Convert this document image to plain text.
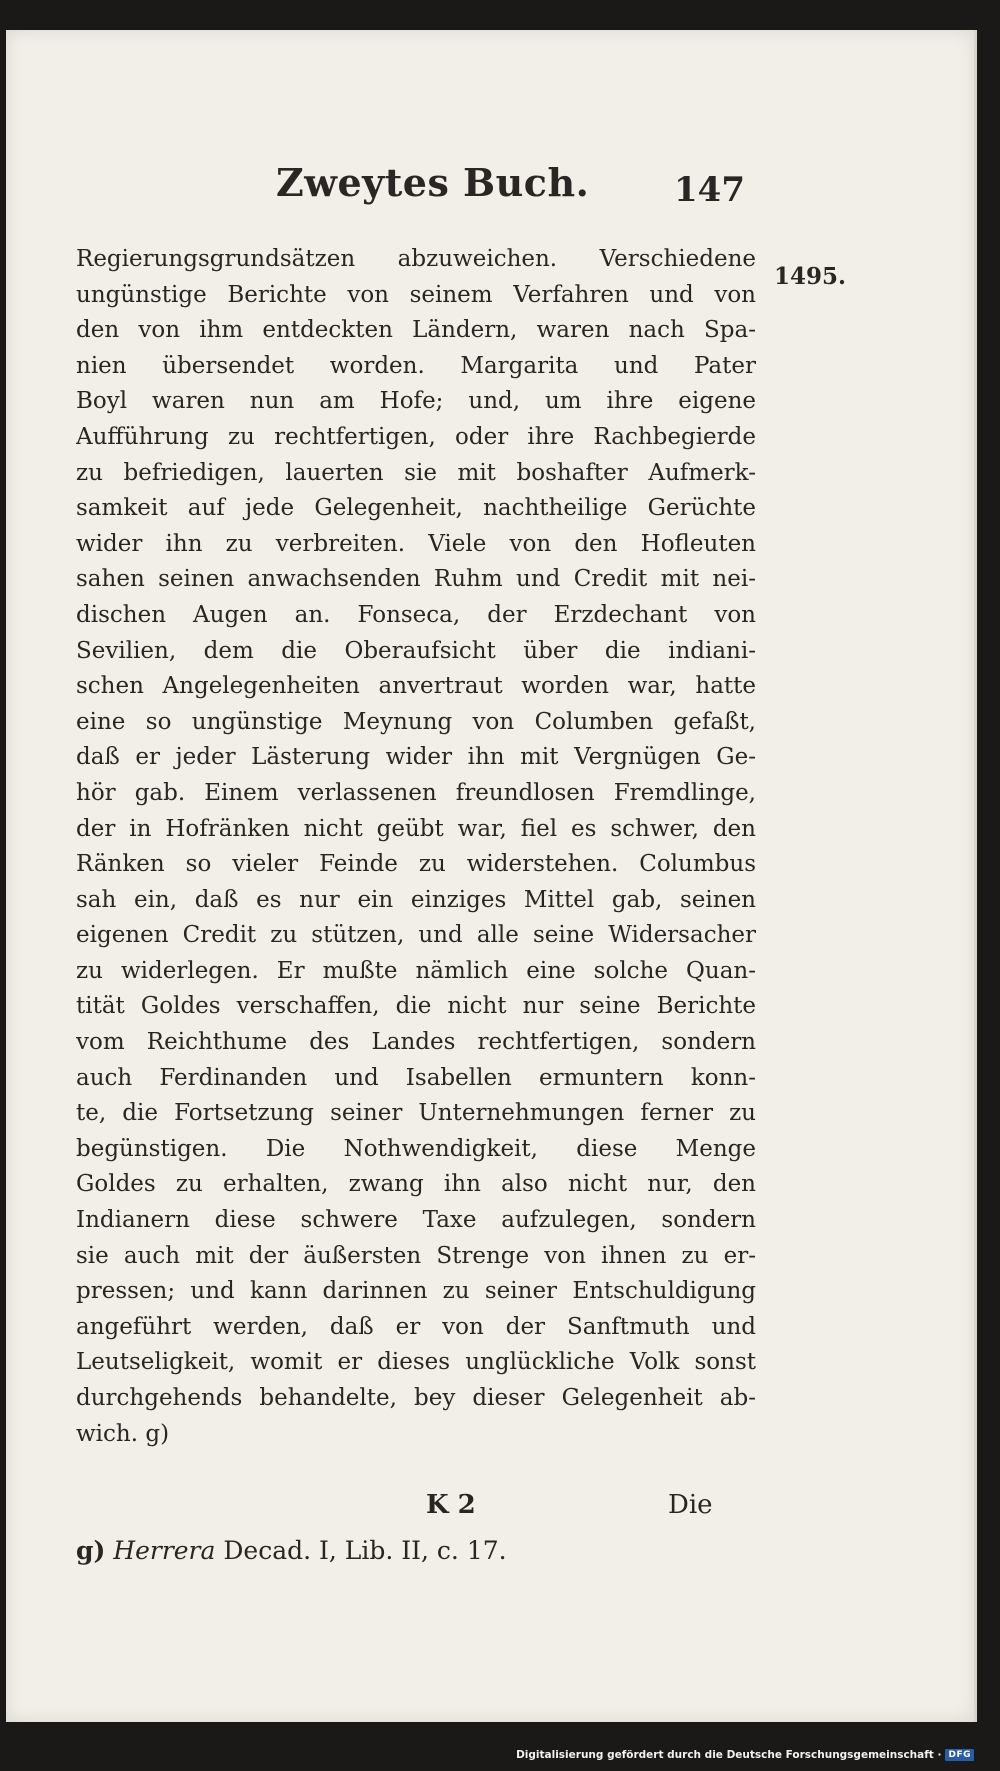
Zweytes Buch. 147
1495.
Regierungsgrundsätzen abzuweichen. Verschiedene
ungünstige Berichte von seinem Verfahren und von
den von ihm entdeckten Ländern, waren nach Spa-
nien übersendet worden. Margarita und Pater
Boyl waren nun am Hofe; und, um ihre eigene
Aufführung zu rechtfertigen, oder ihre Rachbegierde
zu befriedigen, lauerten sie mit boshafter Aufmerk-
samkeit auf jede Gelegenheit, nachtheilige Gerüchte
wider ihn zu verbreiten. Viele von den Hofleuten
sahen seinen anwachsenden Ruhm und Credit mit nei-
dischen Augen an. Fonseca, der Erzdechant von
Sevilien, dem die Oberaufsicht über die indiani-
schen Angelegenheiten anvertraut worden war, hatte
eine so ungünstige Meynung von Columben gefaßt,
daß er jeder Lästerung wider ihn mit Vergnügen Ge-
hör gab. Einem verlassenen freundlosen Fremdlinge,
der in Hofränken nicht geübt war, fiel es schwer, den
Ränken so vieler Feinde zu widerstehen. Columbus
sah ein, daß es nur ein einziges Mittel gab, seinen
eigenen Credit zu stützen, und alle seine Widersacher
zu widerlegen. Er mußte nämlich eine solche Quan-
tität Goldes verschaffen, die nicht nur seine Berichte
vom Reichthume des Landes rechtfertigen, sondern
auch Ferdinanden und Isabellen ermuntern konn-
te, die Fortsetzung seiner Unternehmungen ferner zu
begünstigen. Die Nothwendigkeit, diese Menge
Goldes zu erhalten, zwang ihn also nicht nur, den
Indianern diese schwere Taxe aufzulegen, sondern
sie auch mit der äußersten Strenge von ihnen zu er-
pressen; und kann darinnen zu seiner Entschuldigung
angeführt werden, daß er von der Sanftmuth und
Leutseligkeit, womit er dieses unglückliche Volk sonst
durchgehends behandelte, bey dieser Gelegenheit ab-
wich. g)
K 2	Die
g) Herrera Decad. I, Lib. II, c. 17.
Digitalisierung gefördert durch die Deutsche Forschungsgemeinschaft · DFG
